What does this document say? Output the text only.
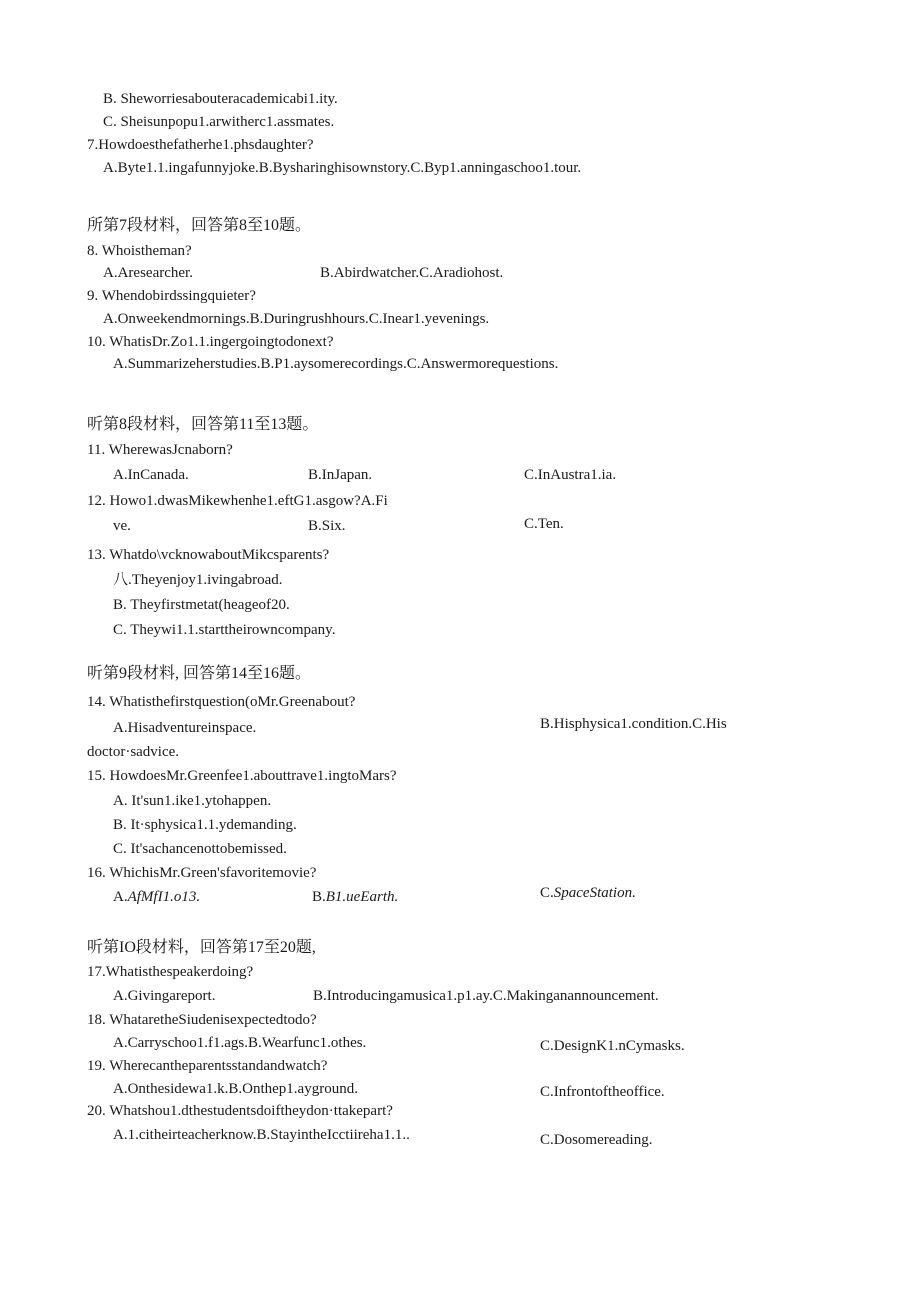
B. Sheworriesabouteracademicabi1.ity.
C. Sheisunpopu1.arwitherc1.assmates.
7.Howdoesthefatherhe1.phsdaughter?
A.Byte1.1.ingafunnyjoke.B.Bysharinghisownstory.C.Byp1.anningaschoo1.tour.
所第7段材料，回答第8至10题。
8. Whoistheman?
A.Aresearcher.	B.Abirdwatcher.C.Aradiohost.
9. Whendobirdssingquieter?
A.Onweekendmornings.B.Duringrushhours.C.Inear1.yevenings.
10. WhatisDr.Zo1.1.ingergoingtodonext?
A.Summarizeherstudies.B.P1.aysomerecordings.C.Answermorequestions.
听第8段材料，回答第11至13题。
11. WherewasJcnaborn?
A.InCanada.	B.InJapan.	C.InAustra1.ia.
12. Howo1.dwasMikewhenhe1.eftG1.asgow?A.Fi
ve.	B.Six.	C.Ten.
13. Whatdo\vcknowaboutMikcsparents?
八.Theyenjoy1.ivingabroad.
B. Theyfirstmetat(heageof20.
C. Theywi1.1.starttheirowncompany.
听第9段材料, 回答第14至16题。
14. Whatisthefirstquestion(oMr.Greenabout?
A.Hisadventureinspace.	B.Hisphysica1.condition.C.His
doctor·sadvice.
15. HowdoesMr.Greenfee1.abouttrave1.ingtoMars?
A. It'sun1.ike1.ytohappen.
B. It·sphysica1.1.ydemanding.
C. It'sachancenottobemissed.
16. WhichisMr.Green'sfavoritemovie?
A.AfMfI1.o13.	B.B1.ueEarth.	C.SpaceStation.
听第IO段材料，回答第17至20题,
17.Whatisthespeakerdoing?
A.Givingareport.	B.Introducingamusica1.p1.ay.C.Makinganannouncement.
18. WhataretheSiudenisexpectedtodo?
A.Carryschoo1.f1.ags.B.Wearfunc1.othes.	C.DesignK1.nCymasks.
19. Wherecantheparentsstandandwatch?
A.Onthesidewa1.k.B.Onthep1.ayground.	C.Infrontoftheoffice.
20. Whatshou1.dthestudentsdoiftheydon·ttakepart?
A.1.citheirteacherknow.B.StayintheIcctiireha1.1..	C.Dosomereading.
